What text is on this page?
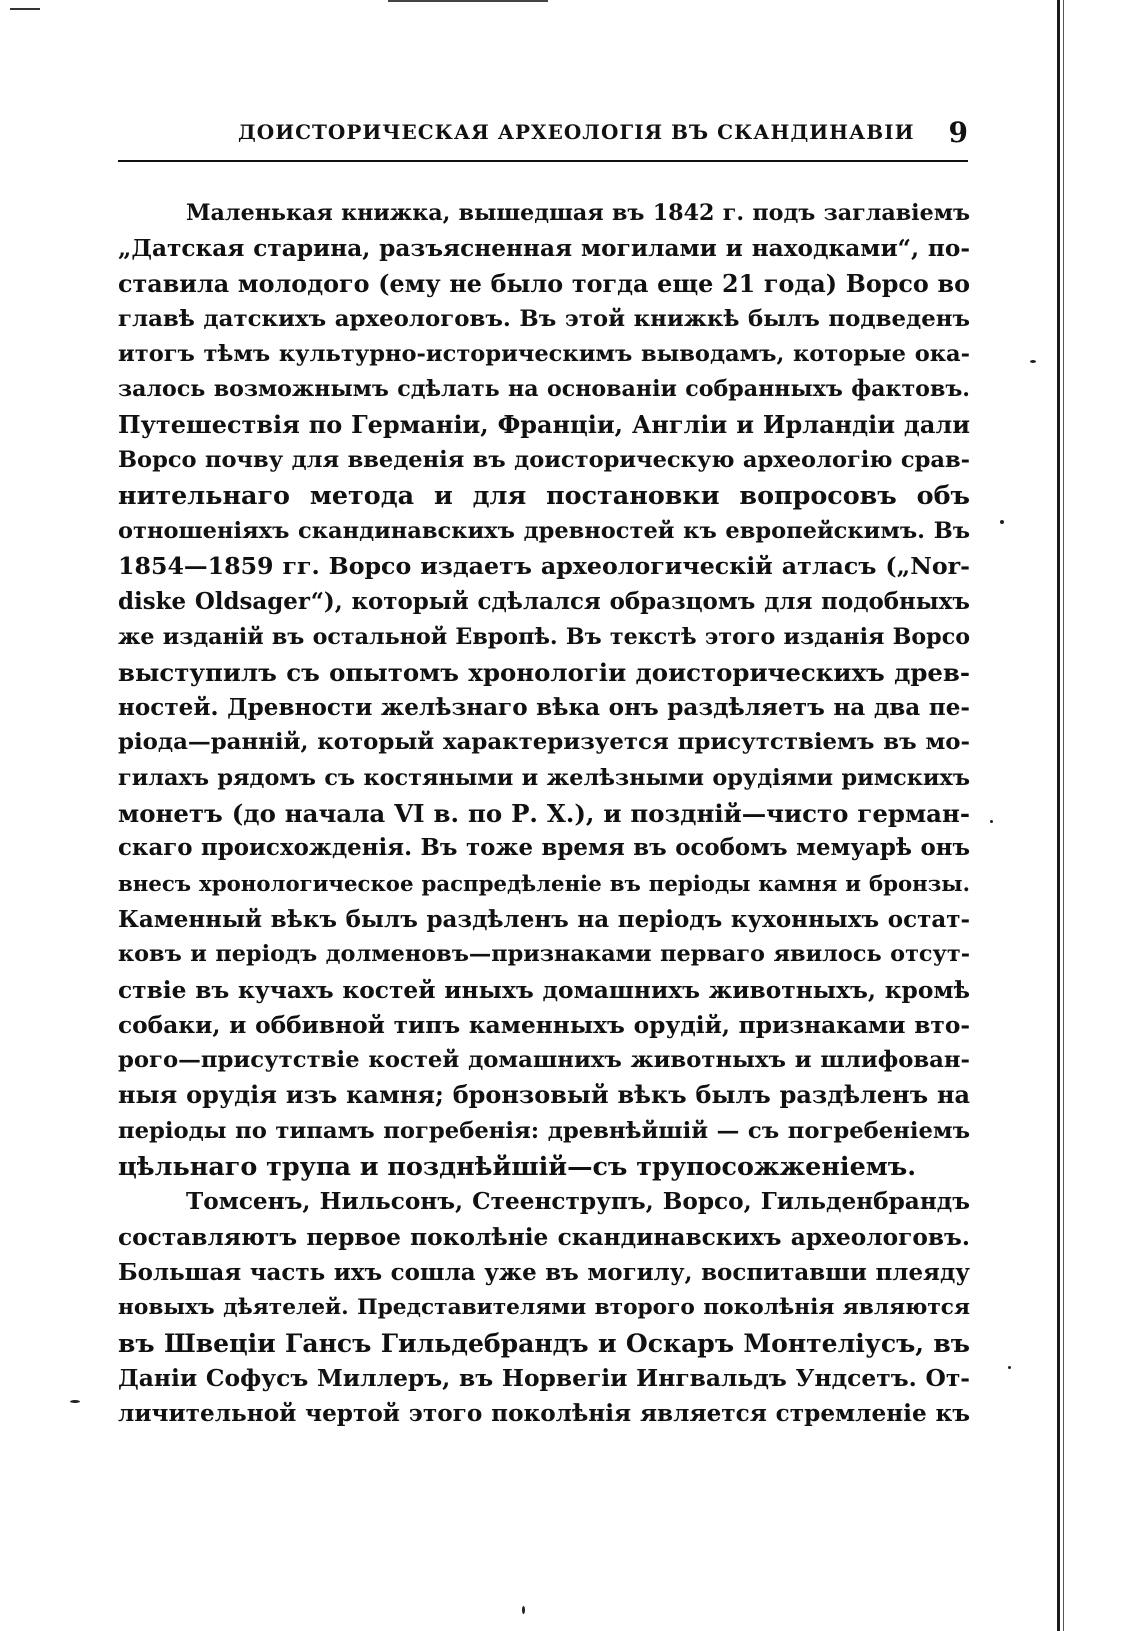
ДОИСТОРИЧЕСКАЯ АРХЕОЛОГІЯ ВЪ СКАНДИНАВІИ 9
Маленькая книжка, вышедшая въ 1842 г. подъ заглавіемъ
„Датская старина, разъясненная могилами и находками“, по-
ставила молодого (ему не было тогда еще 21 года) Ворсо во
главѣ датскихъ археологовъ. Въ этой книжкѣ былъ подведенъ
итогъ тѣмъ культурно-историческимъ выводамъ, которые ока-
залось возможнымъ сдѣлать на основаніи собранныхъ фактовъ.
Путешествія по Германіи, Франціи, Англіи и Ирландіи дали
Ворсо почву для введенія въ доисторическую археологію срав-
нительнаго метода и для постановки вопросовъ объ
отношеніяхъ скандинавскихъ древностей къ европейскимъ. Въ
1854—1859 гг. Ворсо издаетъ археологическій атласъ („Nor-
diske Oldsager“), который сдѣлался образцомъ для подобныхъ
же изданій въ остальной Европѣ. Въ текстѣ этого изданія Ворсо
выступилъ съ опытомъ хронологіи доисторическихъ древ-
ностей. Древности желѣзнаго вѣка онъ раздѣляетъ на два пе-
ріода—ранній, который характеризуется присутствіемъ въ мо-
гилахъ рядомъ съ костяными и желѣзными орудіями римскихъ
монетъ (до начала VI в. по Р. X.), и поздній—чисто герман-
скаго происхожденія. Въ тоже время въ особомъ мемуарѣ онъ
внесъ хронологическое распредѣленіе въ періоды камня и бронзы.
Каменный вѣкъ былъ раздѣленъ на періодъ кухонныхъ остат-
ковъ и періодъ долменовъ—признаками перваго явилось отсут-
ствіе въ кучахъ костей иныхъ домашнихъ животныхъ, кромѣ
собаки, и оббивной типъ каменныхъ орудій, признаками вто-
рого—присутствіе костей домашнихъ животныхъ и шлифован-
ныя орудія изъ камня; бронзовый вѣкъ былъ раздѣленъ на
періоды по типамъ погребенія: древнѣйшій — съ погребеніемъ
цѣльнаго трупа и позднѣйшій—съ трупосожженіемъ.
Томсенъ, Нильсонъ, Стеенструпъ, Ворсо, Гильденбрандъ
составляютъ первое поколѣніе скандинавскихъ археологовъ.
Большая часть ихъ сошла уже въ могилу, воспитавши плеяду
новыхъ дѣятелей. Представителями второго поколѣнія являются
въ Швеціи Гансъ Гильдебрандъ и Оскаръ Монтеліусъ, въ
Даніи Софусъ Миллеръ, въ Норвегіи Ингвальдъ Ундсетъ. От-
личительной чертой этого поколѣнія является стремленіе къ
